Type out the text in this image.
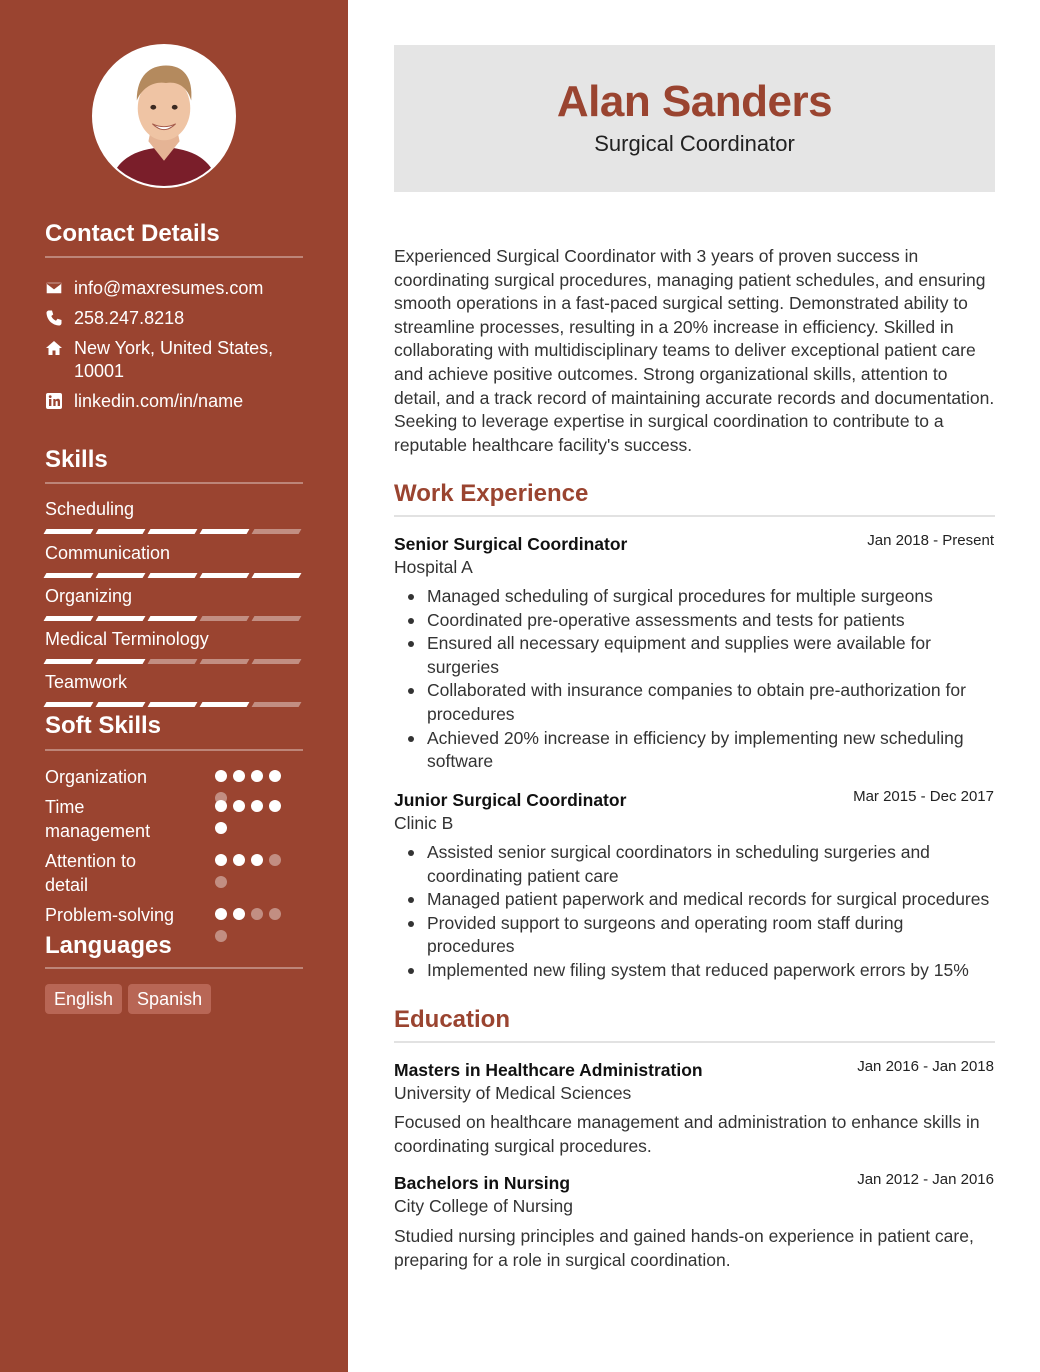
Contact Details
info@maxresumes.com
258.247.8218
New York, United States, 10001
linkedin.com/in/name
Skills
Scheduling
Communication
Organizing
Medical Terminology
Teamwork
Soft Skills
Organization
Time management
Attention to detail
Problem-solving
Languages
English	Spanish
Alan Sanders
Surgical Coordinator

Experienced Surgical Coordinator with 3 years of proven success in coordinating surgical procedures, managing patient schedules, and ensuring smooth operations in a fast-paced surgical setting. Demonstrated ability to streamline processes, resulting in a 20% increase in efficiency. Skilled in collaborating with multidisciplinary teams to deliver exceptional patient care and achieve positive outcomes. Strong organizational skills, attention to detail, and a track record of maintaining accurate records and documentation. Seeking to leverage expertise in surgical coordination to contribute to a reputable healthcare facility's success.

Work Experience
Senior Surgical Coordinator	Jan 2018 - Present
Hospital A
Managed scheduling of surgical procedures for multiple surgeons
Coordinated pre-operative assessments and tests for patients
Ensured all necessary equipment and supplies were available for surgeries
Collaborated with insurance companies to obtain pre-authorization for procedures
Achieved 20% increase in efficiency by implementing new scheduling software
Junior Surgical Coordinator	Mar 2015 - Dec 2017
Clinic B
Assisted senior surgical coordinators in scheduling surgeries and coordinating patient care
Managed patient paperwork and medical records for surgical procedures
Provided support to surgeons and operating room staff during procedures
Implemented new filing system that reduced paperwork errors by 15%
Education
Masters in Healthcare Administration	Jan 2016 - Jan 2018
University of Medical Sciences

Focused on healthcare management and administration to enhance skills in coordinating surgical procedures.

Bachelors in Nursing	Jan 2012 - Jan 2016
City College of Nursing

Studied nursing principles and gained hands-on experience in patient care, preparing for a role in surgical coordination.
